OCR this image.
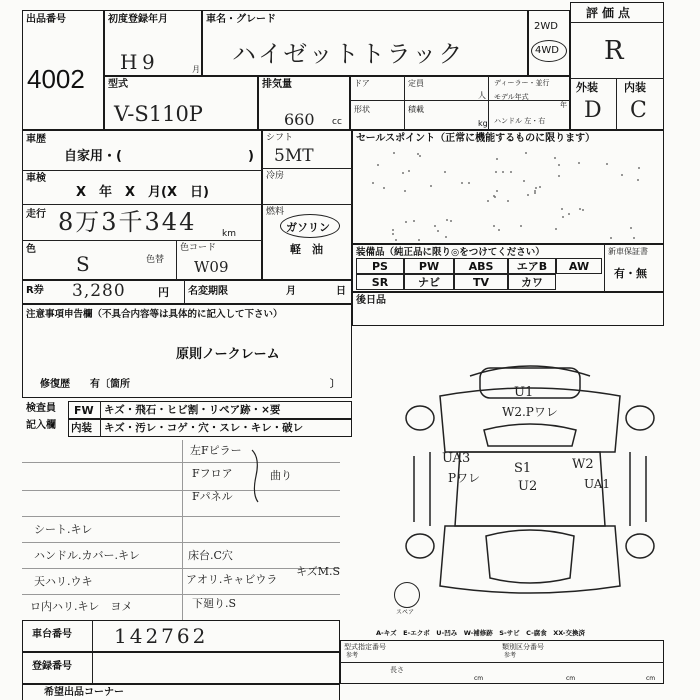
出品番号
4002
初度登録年月
H 9	月
車名・グレード
ハイゼットトラック
2WD
4WD
評価点
R
外装 内装
D C
型式
V-S110P
排気量
660 cc
ドア	定員
人
形状	積載
kg
ディーラー・並行
モデル年式
年
ハンドル 左・右
車歴
自家用・(	)
車検
X　年　X　月(X　日)
走行 8万3千344	km
色
S	色替
色コード
W09
シフト
5MT
冷房
燃料
ガソリン
軽　油
R券 3,280	円 名変期限	月	日
セールスポイント（正常に機能するものに限ります）
装備品（純正品に限り◎をつけてください）	新車保証書
有・無
PS	PW	ABS	エアB	AW
SR	ナビ	TV	カワ
後日品
注意事項申告欄（不具合内容等は具体的に記入して下さい）
原則ノークレーム
修復歴　　有〔箇所	〕
検査員
記入欄
FW キズ・飛石・ヒビ割・リペア跡・×要
内装 キズ・汚レ・コゲ・穴・スレ・キレ・破レ
シート.キレ
ハンドル.カバー.キレ
天ハリ.ウキ
ロ内ハリ.キレ　ヨメ
左Fピラー
Fフロア
Fパネル
曲り
床台.C穴
アオリ.キャビウラ
下廻り.S
キズM.S
U1
W2.Pワレ
UA3
Pワレ
S1
U2
W2
UA1
スペア
A-キズ　E-エクボ　U-凹み　W-補修跡　S-サビ　C-腐食　XX-交換済
車台番号 142762
登録番号
型式指定番号
参考
類別区分番号
参考
長さ
cm	cm	cm
希望出品コーナー
